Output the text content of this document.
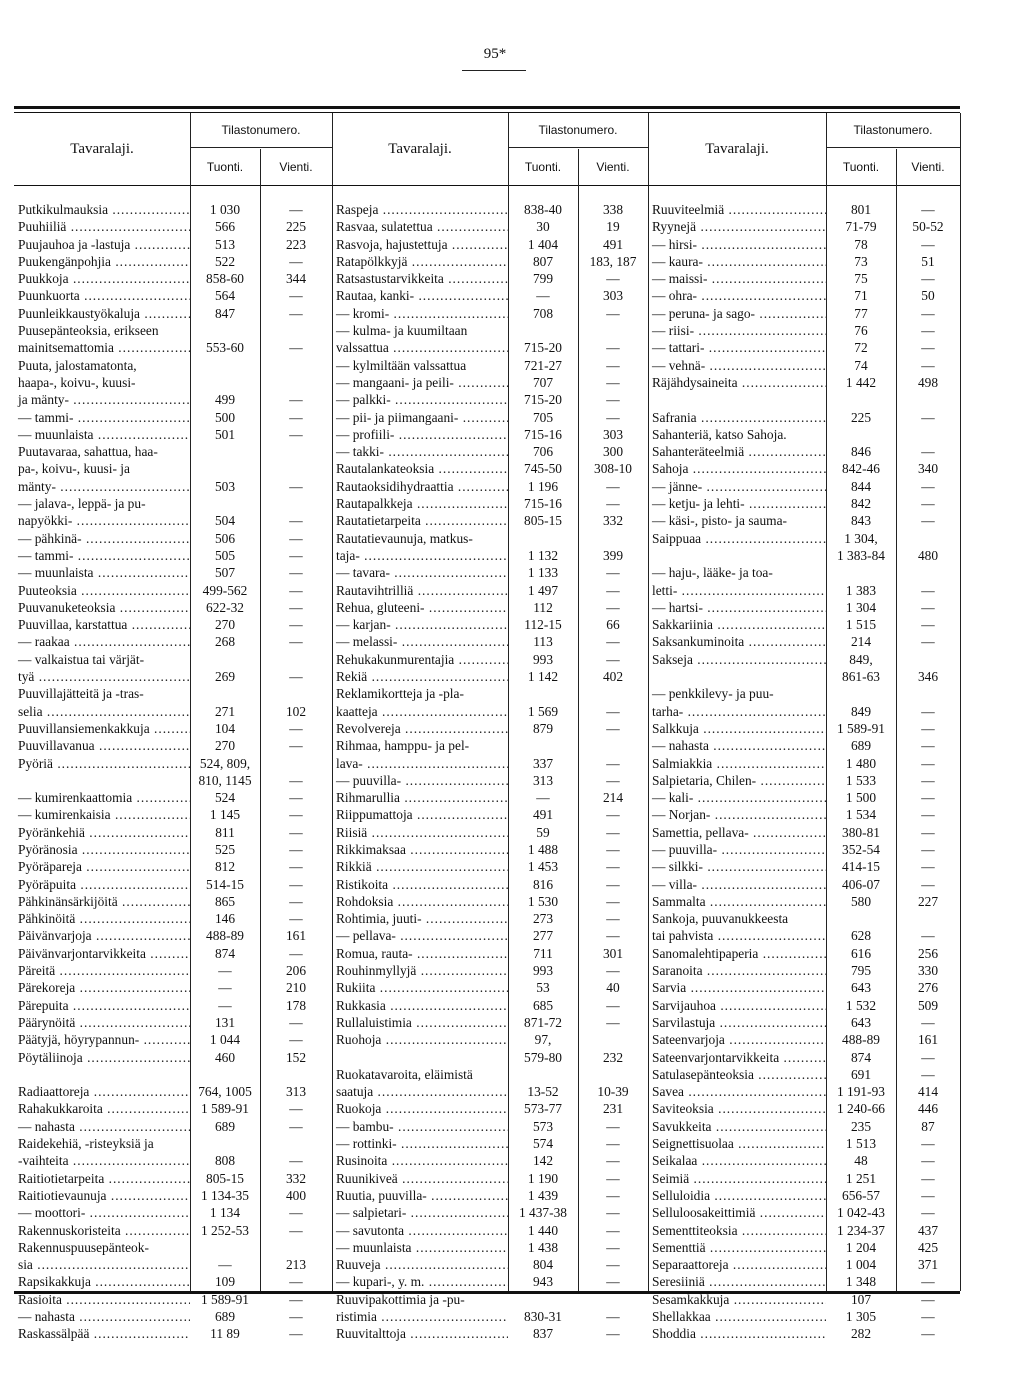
95*
Tavaralaji.
Tilastonumero.
Tuonti.	Vienti.
Putkikulmauksia .....	1 030	—
Puuhiiliä .....	566	225
Puujauhoa ja -lastuja .....	513	223
Puukengänpohjia .....	522	—
Puukkoja .....	858-60	344
Puunkuorta .....	564	—
Puunleikkaustyökaluja .....	847	—
Puusepänteoksia, erikseen
mainitsemattomia .....	553-60	—
Puuta, jalostamatonta,
haapa-, koivu-, kuusi-
ja mänty- .....	499	—
— tammi- .....	500	—
— muunlaista .....	501	—
Puutavaraa, sahattua, haa-
pa-, koivu-, kuusi- ja
mänty- .....	503	—
— jalava-, leppä- ja pu-
napyökki- .....	504	—
— pähkinä- .....	506	—
— tammi- .....	505	—
— muunlaista .....	507	—
Puuteoksia .....	499-562	—
Puuvanuketeoksia .....	622-32	—
Puuvillaa, karstattua .....	270	—
— raakaa .....	268	—
— valkaistua tai värjät-
tyä .....	269	—
Puuvillajätteitä ja -tras-
selia .....	271	102
Puuvillansiemenkakkuja .....	104	—
Puuvillavanua .....	270	—
Pyöriä .....	524, 809,
810, 1145	—
— kumirenkaattomia .....	524	—
— kumirenkaisia .....	1 145	—
Pyöränkehiä .....	811	—
Pyöränosia .....	525	—
Pyöräpareja .....	812	—
Pyöräpuita .....	514-15	—
Pähkinänsärkijöitä .....	865	—
Pähkinöitä .....	146	—
Päivänvarjoja .....	488-89	161
Päivänvarjontarvikkeita .....	874	—
Päreitä .....	—	206
Pärekoreja .....	—	210
Pärepuita .....	—	178
Päärynöitä .....	131	—
Päätyjä, höyrypannun- .....	1 044	—
Pöytäliinoja .....	460	152
Radiaattoreja .....	764, 1005	313
Rahakukkaroita .....	1 589-91	—
— nahasta .....	689	—
Raidekehiä, -risteyksiä ja
-vaihteita .....	808	—
Raitiotietarpeita .....	805-15	332
Raitiotievaunuja .....	1 134-35	400
— moottori- .....	1 134	—
Rakennuskoristeita .....	1 252-53	—
Rakennuspuusepänteok-
sia .....	—	213
Rapsikakkuja .....	109	—
Rasioita .....	1 589-91	—
— nahasta .....	689	—
Raskassälpää .....	11 89	—
Tavaralaji.
Tilastonumero.
Tuonti.	Vienti.
Raspeja .....	838-40	338
Rasvaa, sulatettua .....	30	19
Rasvoja, hajustettuja .....	1 404	491
Ratapölkkyjä .....	807	183, 187
Ratsastustarvikkeita .....	799	—
Rautaa, kanki- .....	—	303
— kromi- .....	708	—
— kulma- ja kuumiltaan
valssattua .....	715-20	—
— kylmiltään valssattua	721-27	—
— mangaani- ja peili- .....	707	—
— palkki- .....	715-20	—
— pii- ja piimangaani- .....	705	—
— profiili- .....	715-16	303
— takki- .....	706	300
Rautalankateoksia .....	745-50	308-10
Rautaoksidihydraattia .....	1 196	—
Rautapalkkeja .....	715-16	—
Rautatietarpeita .....	805-15	332
Rautatievaunuja, matkus-
taja- .....	1 132	399
— tavara- .....	1 133	—
Rautavihtrilliä .....	1 497	—
Rehua, gluteeni- .....	112	—
— karjan- .....	112-15	66
— melassi- .....	113	—
Rehukakunmurentajia .....	993	—
Rekiä .....	1 142	402
Reklamikortteja ja -pla-
kaatteja .....	1 569	—
Revolvereja .....	879	—
Rihmaa, hamppu- ja pel-
lava- .....	337	—
— puuvilla- .....	313	—
Rihmarullia .....	—	214
Riippumattoja .....	491	—
Riisiä .....	59	—
Rikkimaksaa .....	1 488	—
Rikkiä .....	1 453	—
Ristikoita .....	816	—
Rohdoksia .....	1 530	—
Rohtimia, juuti- .....	273	—
— pellava- .....	277	—
Romua, rauta- .....	711	301
Rouhinmyllyjä .....	993	—
Rukiita .....	53	40
Rukkasia .....	685	—
Rullaluistimia .....	871-72	—
Ruohoja .....	97,
579-80	232
Ruokatavaroita, eläimistä
saatuja .....	13-52	10-39
Ruokoja .....	573-77	231
— bambu- .....	573	—
— rottinki- .....	574	—
Rusinoita .....	142	—
Ruunikiveä .....	1 190	—
Ruutia, puuvilla- .....	1 439	—
— salpietari- .....	1 437-38	—
— savutonta .....	1 440	—
— muunlaista .....	1 438	—
Ruuveja .....	804	—
— kupari-, y. m. .....	943	—
Ruuvipakottimia ja -pu-
ristimia .....	830-31	—
Ruuvitalttoja .....	837	—
Tavaralaji.
Tilastonumero.
Tuonti.	Vienti.
Ruuviteelmiä .....	801	—
Ryynejä .....	71-79	50-52
— hirsi- .....	78	—
— kaura- .....	73	51
— maissi- .....	75	—
— ohra- .....	71	50
— peruna- ja sago- .....	77	—
— riisi- .....	76	—
— tattari- .....	72	—
— vehnä- .....	74	—
Räjähdysaineita .....	1 442	498
Safrania .....	225	—
Sahanteriä, katso Sahoja.
Sahanteräteelmiä .....	846	—
Sahoja .....	842-46	340
— jänne- .....	844	—
— ketju- ja lehti- .....	842	—
— käsi-, pisto- ja sauma-	843	—
Saippuaa .....	1 304,
1 383-84	480
— haju-, lääke- ja toa-
letti- .....	1 383	—
— hartsi- .....	1 304	—
Sakkariinia .....	1 515	—
Saksankuminoita .....	214	—
Sakseja .....	849,
861-63	346
— penkkilevy- ja puu-
tarha- .....	849	—
Salkkuja .....	1 589-91	—
— nahasta .....	689	—
Salmiakkia .....	1 480	—
Salpietaria, Chilen- .....	1 533	—
— kali- .....	1 500	—
— Norjan- .....	1 534	—
Samettia, pellava- .....	380-81	—
— puuvilla- .....	352-54	—
— silkki- .....	414-15	—
— villa- .....	406-07	—
Sammalta .....	580	227
Sankoja, puuvanukkeesta
tai pahvista .....	628	—
Sanomalehtipaperia .....	616	256
Saranoita .....	795	330
Sarvia .....	643	276
Sarvijauhoa .....	1 532	509
Sarvilastuja .....	643	—
Sateenvarjoja .....	488-89	161
Sateenvarjontarvikkeita .....	874	—
Satulasepänteoksia .....	691	—
Savea .....	1 191-93	414
Saviteoksia .....	1 240-66	446
Savukkeita .....	235	87
Seignettisuolaa .....	1 513	—
Seikalaa .....	48	—
Seimiä .....	1 251	—
Selluloidia .....	656-57	—
Selluloosakeittimiä .....	1 042-43	—
Sementtiteoksia .....	1 234-37	437
Sementtiä .....	1 204	425
Separaattoreja .....	1 004	371
Seresiiniä .....	1 348	—
Sesamkakkuja .....	107	—
Shellakkaa .....	1 305	—
Shoddia .....	282	—
